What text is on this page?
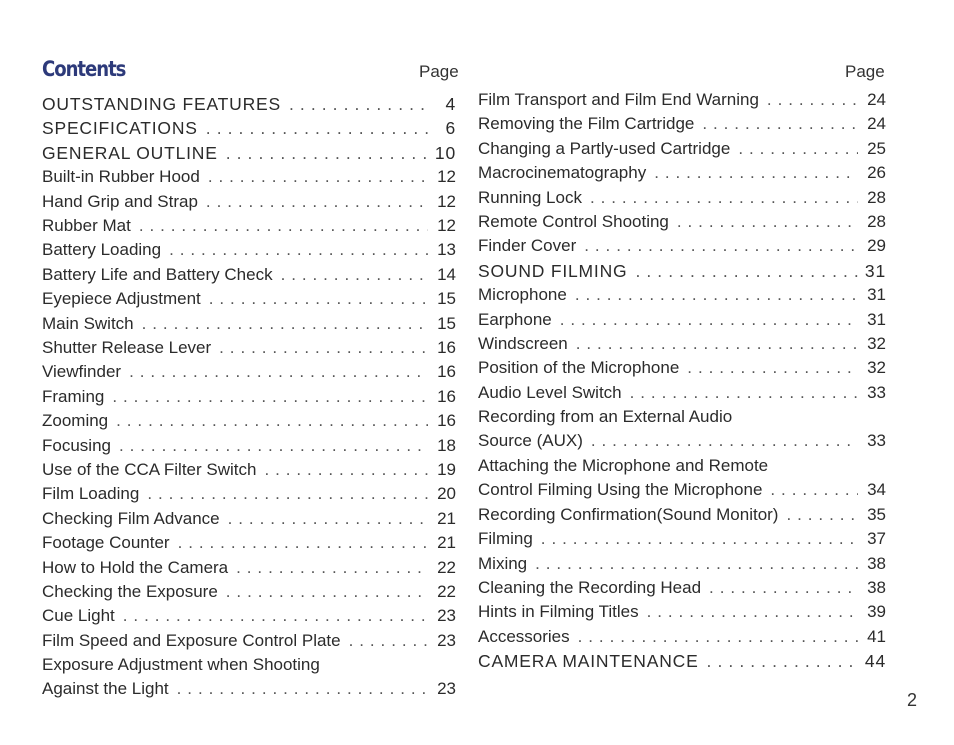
Contents	Page	Page
OUTSTANDING FEATURES . . .	4
SPECIFICATIONS . . .	6
GENERAL OUTLINE . . .	10
Built-in Rubber Hood . . .	12
Hand Grip and Strap . . .	12
Rubber Mat . . .	12
Battery Loading . . .	13
Battery Life and Battery Check . . .	14
Eyepiece Adjustment . . .	15
Main Switch . . .	15
Shutter Release Lever . . .	16
Viewfinder . . .	16
Framing . . .	16
Zooming . . .	16
Focusing . . .	18
Use of the CCA Filter Switch . . .	19
Film Loading . . .	20
Checking Film Advance . . .	21
Footage Counter . . .	21
How to Hold the Camera . . .	22
Checking the Exposure . . .	22
Cue Light . . .	23
Film Speed and Exposure Control Plate . . .	23
Exposure Adjustment when Shooting
Against the Light . . .	23
Film Transport and Film End Warning . . .	24
Removing the Film Cartridge . . .	24
Changing a Partly-used Cartridge . . .	25
Macrocinematography . . .	26
Running Lock . . .	28
Remote Control Shooting . . .	28
Finder Cover . . .	29
SOUND FILMING . . .	31
Microphone . . .	31
Earphone . . .	31
Windscreen . . .	32
Position of the Microphone . . .	32
Audio Level Switch . . .	33
Recording from an External Audio
Source (AUX) . . .	33
Attaching the Microphone and Remote
Control Filming Using the Microphone . . .	34
Recording Confirmation(Sound Monitor) . . .	35
Filming . . .	37
Mixing . . .	38
Cleaning the Recording Head . . .	38
Hints in Filming Titles . . .	39
Accessories . . .	41
CAMERA MAINTENANCE . . .	44
2
